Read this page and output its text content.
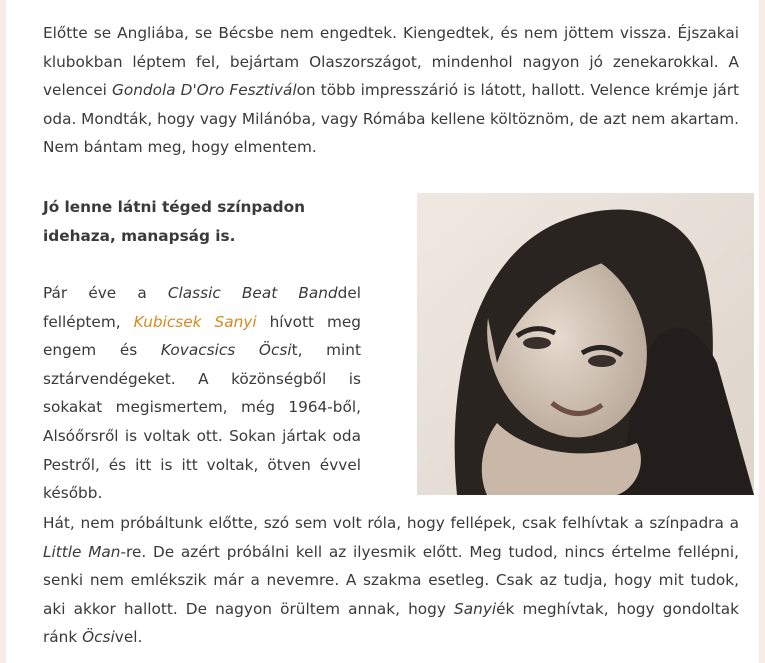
Előtte se Angliába, se Bécsbe nem engedtek. Kiengedtek, és nem jöttem vissza. Éjszakai klubokban léptem fel, bejártam Olaszországot, mindenhol nagyon jó zenekarokkal. A velencei Gondola D'Oro Fesztiválon több impresszárió is látott, hallott. Velence krémje járt oda. Mondták, hogy vagy Milánóba, vagy Rómába kellene költöznöm, de azt nem akartam. Nem bántam meg, hogy elmentem.

Jó lenne látni téged színpadon idehaza, manapság is.

Pár éve a Classic Beat Banddel felléptem, Kubicsek Sanyi hívott meg engem és Kovacsics Öcsit, mint sztárvendégeket. A közönségből is sokakat megismertem, még 1964-ből, Alsóőrsről is voltak ott. Sokan jártak oda Pestről, és itt is itt voltak, ötven évvel később.

Hát, nem próbáltunk előtte, szó sem volt róla, hogy fellépek, csak felhívtak a színpadra a Little Man-re. De azért próbálni kell az ilyesmik előtt. Meg tudod, nincs értelme fellépni, senki nem emlékszik már a nevemre. A szakma esetleg. Csak az tudja, hogy mit tudok, aki akkor hallott. De nagyon örültem annak, hogy Sanyiék meghívtak, hogy gondoltak ránk Öcsivel.
